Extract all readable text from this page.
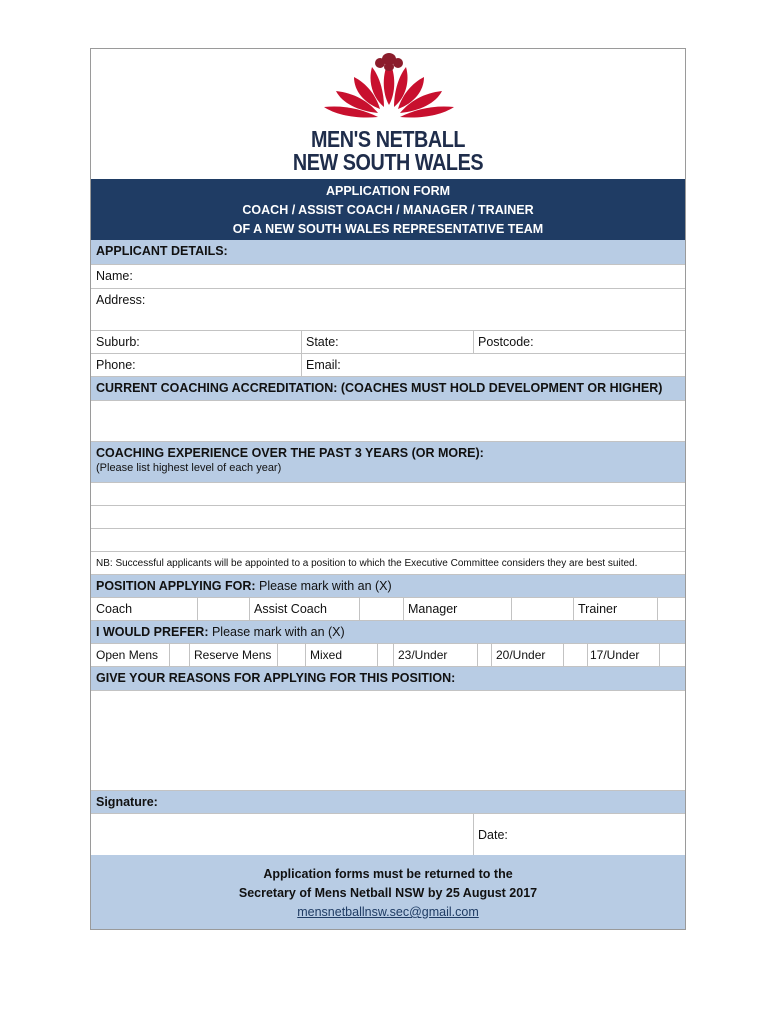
MEN'S NETBALL
NEW SOUTH WALES
APPLICATION FORM
COACH / ASSIST COACH / MANAGER / TRAINER
OF A NEW SOUTH WALES REPRESENTATIVE TEAM
APPLICANT DETAILS:
Name:
Address:
Suburb:	State:	Postcode:
Phone:	Email:
CURRENT COACHING ACCREDITATION: (COACHES MUST HOLD DEVELOPMENT OR HIGHER)
COACHING EXPERIENCE OVER THE PAST 3 YEARS (OR MORE):
(Please list highest level of each year)
NB: Successful applicants will be appointed to a position to which the Executive Committee considers they are best suited.
POSITION APPLYING FOR: Please mark with an (X)
Coach	Assist Coach	Manager	Trainer
I WOULD PREFER: Please mark with an (X)
Open Mens	Reserve Mens	Mixed	23/Under	20/Under	17/Under
GIVE YOUR REASONS FOR APPLYING FOR THIS POSITION:
Signature:
Date:
Application forms must be returned to the
Secretary of Mens Netball NSW by 25 August 2017
mensnetballnsw.sec@gmail.com
